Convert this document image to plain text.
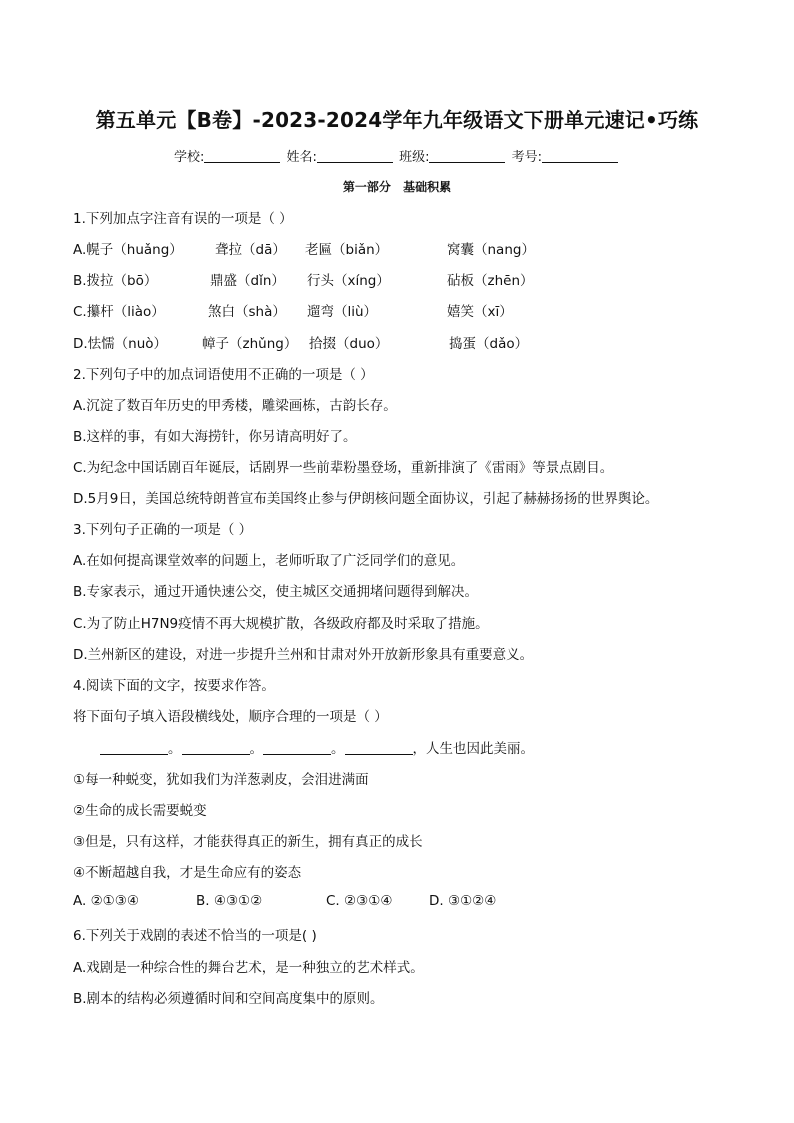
第五单元【B卷】-2023-2024学年九年级语文下册单元速记•巧练
学校:	姓名:	班级:	考号:
第一部分 基础积累
1.下列加点字注音有误的一项是（ ）
A.幌子（huǎng） 聋拉（dā） 老匾（biǎn）	窝囊（nang）
B.拨拉（bō）	鼎盛（dǐn） 行头（xíng）	砧板（zhēn）
C.攥杆（liào）	煞白（shà） 遛弯（liù）	嬉笑（xī）
D.怯懦（nuò）	幛子（zhǔng） 拾掇（duo）	捣蛋（dǎo）
2.下列句子中的加点词语使用不正确的一项是（ ）
A.沉淀了数百年历史的甲秀楼，雕梁画栋，古韵长存。
B.这样的事，有如大海捞针，你另请高明好了。
C.为纪念中国话剧百年诞辰，话剧界一些前辈粉墨登场，重新排演了《雷雨》等景点剧目。
D.5月9日，美国总统特朗普宣布美国终止参与伊朗核问题全面协议，引起了赫赫扬扬的世界舆论。
3.下列句子正确的一项是（ ）
A.在如何提高课堂效率的问题上，老师听取了广泛同学们的意见。
B.专家表示，通过开通快速公交，使主城区交通拥堵问题得到解决。
C.为了防止H7N9疫情不再大规模扩散，各级政府都及时采取了措施。
D.兰州新区的建设，对进一步提升兰州和甘肃对外开放新形象具有重要意义。
4.阅读下面的文字，按要求作答。
将下面句子填入语段横线处，顺序合理的一项是（ ）
。	。	。	，人生也因此美丽。
①每一种蜕变，犹如我们为洋葱剥皮，会泪进满面
②生命的成长需要蜕变
③但是，只有这样，才能获得真正的新生，拥有真正的成长
④不断超越自我，才是生命应有的姿态
A. ②①③④	B. ④③①②	C. ②③①④	D. ③①②④
6.下列关于戏剧的表述不恰当的一项是( )
A.戏剧是一种综合性的舞台艺术，是一种独立的艺术样式。
B.剧本的结构必须遵循时间和空间高度集中的原则。
